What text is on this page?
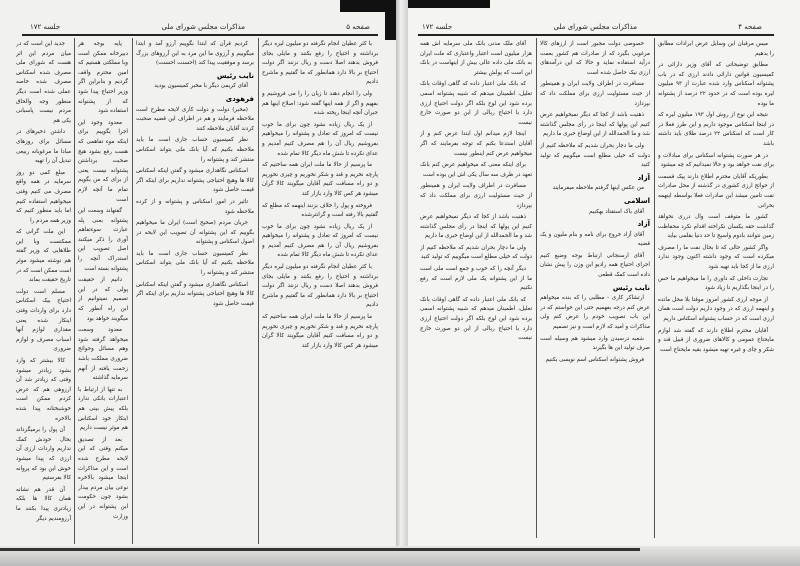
صفحه ۵
مذاکرات مجلس شورای ملی
جلسه ۱۷۲

با کثر عطیان انجام نگرفته دو میلیون لیره دیگر برداشته و احتیاج را رفع بکنند و مایلی بجای فروش بدهند اصلا دست و ریال نزنند اگر دولت احتیاج بر بالا دارد همانطور که ما گفتیم و ماشرح دادیم

ولی را انجام دهند تا زیان را را می فروشیم و بفهیم و اگر از همه اینها گفته شود: اصلاح اینها هم جبران آنچه اینجا ریخته شده

از یک ریال زیاده نشود چون برای ما خوب نیست که امروز که تعادل و پشتوانه را میخواهیم بفروشیم ریال آن را هم مصرف کنیم آمدیم و عدای نکرده تا شش ماه دیگر کالا تمام شده

ما پرسیم از حالا ما ملت ایران همه ساختیم که پارچه نخریم و قند و شکر نخوریم و چیزی نخوریم و دو راه مسافت کنیم آقایان میگویند کالا گران میشود هر کس کالا وارد بازار کند

فروخته و پول را خلاف بزنند اینهمه که مطلع که گفتیم بالا رفته است و گرانترشده

از یک ریال زیاده نشود چون برای ما خوب نیست که امروز که تعادل و پشتوانه را میخواهیم بفروشیم ریال آن را هم مصرف کنیم آمدیم و عدای نکرده تا شش ماه دیگر کالا تمام شده

با کثر عطیان انجام نگرفته دو میلیون لیره دیگر برداشته و احتیاج را رفع بکنند و مایلی بجای فروش بدهند اصلا دست و ریال نزنند اگر دولت احتیاج بر بالا دارد همانطور که ما گفتیم و ماشرح دادیم

ما پرسیم از حالا ما ملت ایران همه ساختیم که پارچه نخریم و قند و شکر نخوریم و چیزی نخوریم و دو راه مسافت کنیم آقایان میگویند کالا گران میشود هر کس کالا وارد بازار کند

کردیم قرآن که ابتدا بگوییم آرزو آمد و ابتدا میگوییم و آرزوی ما این مرد به این آرزوهای بزرگ برسد و موفقیت پیدا کند (احسنت احسنت)

نایب رئیس

آقای کریمی دیگر با مخبر کمیسیون بودید

فرهودی

(مخبر) دولت و دولت کاری لایحه مطرح است ملاحظه فرمایند و هم در اطراف این قضیه صحبت کردند آقایان ملاحظه کنند

نظر کمیسیون حساب جاری است ما باید ملاحظه بکنیم که آیا بانک ملی بتواند اسکناس منتشر کند و پشتوانه را

اسکناس نگاهداری میشود و گفتن اینکه اسکناس کالا ها وهیچ احتیاجی پشتوانه نداریم برای اینکه اگر قیمت حاصل شود

تاثیر در امور اسکناس و پشتوانه و از کرده ملاحظه شود

جریان مردم (صحیح است) ایران ما میخواهیم بگوییم که این پشتوانه آن تصویب این لایحه در اصول اسکناس و پشتوانه

نظر کمیسیون حساب جاری است ما باید ملاحظه بکنیم که آیا بانک ملی بتواند اسکناس منتشر کند و پشتوانه را

اسکناس نگاهداری میشود و گفتن اینکه اسکناس کالا ها وهیچ احتیاجی پشتوانه نداریم برای اینکه اگر قیمت حاصل شود

پایه بوجه هر دبیرخانه ممکن است وبا مملکتی هستیم که امین محترم واقف گردیم و بنابراین اگر وزیر احتیاج پیدا شود که از پشتوانه استفاده شود

معدود وجود این اجرا بگوییم برای اینکه موء تفاهمی که هست رفع بشود هیچ صحبت برداشتن پشتوانه نیست یعنی از برای که من بگویم تمام ما آنچه لازم است

گفتهاند وسعت این پشتوانه بعنی پله عبارت سوءتفاهم آوری را ذکر میکنند اصل تصویب این استدراک آنچه را پشتوانه بسته است

دانیم از حقیقت پولی که در این تصمیم نمیتوانیم از این راه آنطور که میگویند خواهد بود

معدود وسعت میخواهد گرفته شود وهم مسائل وحوائج ضروری مملکت باشد زحمت یافته از آنهم سرمایه گذاشته

به تنها از ارتباط با اعتبارات بانکی ندارد بلکه پیش بینی هم ابتکار خود اسکناس هم موثر نیست داریم

بعد از تصدیق میکنم وقتی که این لایحه مطرح شده است و این مذاکرات اینجا میشود بالاخره نوعی بیان مردم بیدار بشود چون حکومت این پشتوانه در این وزارت

جدید این است که در میان مردم این اثر هست که شورای ملی مصرف شده اسکناس مصرف شده خاصه عملی شده است دیگر منظور وجه والحاق مردم نیست پاسبانی یکی هم

داشتن ذخیرهای در مسائل برای روزهای مبادا ما مرغوبانه ربیعی تبدیل آن را تهیه

مبلغ کمی دو روز سرمایه در همه واقع مصرف می کنیم وقتی میخواهیم استفاده کنیم اما باید منظور کنیم که وزیر همه مردم را

این ملت گرانی که ممکنست وبا این طلاهایی که وزیر گفته هم نوشته میشود موثر است ممکن است که در تاریخ حقیقت بماند

مسلم است دولت احتیاج بیک اسکناس دارد برای واردات وقتی اینکار شده یعنی مقداری لوازم آنها اسباب مصرف و لوازم ضروری

کالا بیشتر که وارد بشود زیادتر میشود وقتی که زیادتر شد آن ارزوهی هم که عرض کردم ممکن است خوشبختانه پیدا شده بالاخره

آن پول را برمیگرداند بحال خودش کمک نداریم واردات ارزی آن ارزی که پیدا میشود خوش این بود که پروانه کالا بفرستیم

آن قدر هم نشانه همان کالا ها بلکه زیادتری پیدا بکنند ما آرزومندیم دیگر

صفحه ۴
مذاکرات مجلس شورای ملی
جلسه ۱۷۲

آقای ملک مدنی بانک ملی سرمایه اش همه هزار میلیون است اعتبار واعتباری که ملت ایران به بانک ملی داده عالی بیش از اینهاست در بانک این است که پولش بیشتر

که بانک ملی اعتبار داده که گاهی اوقات بانک تعلیل، اطمینان میدهم که شبیه پشتوانه اسمی برده شود این لوح بلکه اگر دولت احتیاج ارزی دارد با احتیاج ریالی از این دو صورت خارج نیست

اینجا لازم میدانم اول ابتدا عرض کنم و از آقایان استدعا بکنم که توجه بفرمایند که اگر میخواهیم عرض کنم اینطور نیست

برای اینکه معنی که میخواهیم عرض کنم بانک تعهد در ظرف سه سال یکی اش این بوده است

مسافرت در اطراف ولایت ایران و همینطور از حیث مسئولیت ارزی برای مملکت داد که بپردازد

ذهنیت باشد از کجا که دیگر نمیخواهیم عرض کنیم این پولها که اینجا در رأی مجلس گذاشته شد و ما الحمدالله از این اوضاع خبری ما داریم

ولی ما دچار بحران شدیم که ملاحظه کنیم از دولت که خیلی مطلع است میگوییم که تولید کنید

دیگر آنچه را که خوب و جمع است ملی است ما از این پشتوانه یک ملی لازم است که رفع نکنیم

که بانک ملی اعتبار داده که گاهی اوقات بانک تعلیل، اطمینان میدهم که شبیه پشتوانه اسمی برده شود این لوح بلکه اگر دولت احتیاج ارزی دارد با احتیاج ریالی از این دو صورت خارج نیست

خصوصی دولت مجبور است از ارزهای کالا مرغوبی بگیرد که از صادرات هم کشور بعمت درآید استفاده نماید و حالا که این درآمدهای ارزی نیک حاصل شده است

مسافرت در اطراف ولایت ایران و همینطور از حیث مسئولیت ارزی برای مملکت داد که بپردازد

ذهنیت باشد از کجا که دیگر نمیخواهیم عرض کنیم این پولها که اینجا در رأی مجلس گذاشته شد و ما الحمدالله از این اوضاع خبری ما داریم

ولی ما دچار بحران شدیم که ملاحظه کنیم از دولت که خیلی مطلع است میگوییم که تولید کنید

آزاد

من عکس اینها گرفتم ملاحظه میفرمایند

اسلامی

آقای باک استفتاد بهکنیم

آزاد

آقای آزاد خروج برای نامه و بنام ملیون و یک قضیه

آقای ارسنجانی ارتباط بوجه وضیع کنیم اجرای احتیاج همه رادیو این وزن را پیش نشان داده است کمک قطعی

نایب رئیس

ارتشاکر کاری - مطلبی را که بنده میخواهم عرض کنم درجه بفهمیم حتی این خواستم که در این باب تصویب خودم را عرض کنم ولی مذاکرات و امید که لازم است و نیز تصمیم

شعبه درسیدن وارد میشود هم وسیله است صرف تولید این ها بگیرند

فروش پشتوانه اسکناس اسم نویسی بکنیم

میس مرقبان این وسایل عرض ایرادات مطابق را بدهیم

مطابق توضیحاتی که آقای وزیر دارائی در کمیسیون قوانین دارائی دادند ارزی که در باب پشتوانه اسکناس وارد شده عبارت از ۹۳ میلیون لیره بوده است که در حدود ۲۲ درصد از پشتوانه ما بوده

نتیجه این نوع از روش اول ۱۹۳ میلیون لیره که در اینجا اسکناس موجود داریم و این طرز فعلا در کار است که اسکناس ۲۲ درصد طلای باید داشته باشد

در هر صورت پشتوانه اسکناس برای مبادلات و برای نفت خواهد بود و حالا نمیدانیم که چه میشود

بطوریکه آقایان محترم اطلاع دارند پیک قسمت از حوائج ارزی کشوری در گذشته از محل صادرات نفت تامین میشد این صادرات فعلا بواسطه اینهمه بحرانی

کشور ما متوقف است وال درری نخواهد گذاشت حقه یکسان نکراخته اقدام نکرد محفاظت زمین نتوانند بادوم واسیج تا حد دنیا بقلمی بیاید

واگر کشور حالی که تا بحال نفت ما را مصرف میکرده است که وجود داشته اکنون وجود ندارد ارزی ما از کجا باید تهیه شود

تجارت داخلی که داوری را ما میخواهیم ما حس را در اینجا بگذاریم تا زیاد شود

از موجه ارزی کشور امروز موقتا بلا محل مانده و اینهمه ارزی که در وجود داریم دولت است همان ارزی است که در حساب پشتوانه اسکناس داریم

آقایان محترم اطلاع دارند که گفته شد لوازم مایحتاج عمومی و کالاهای ضروری از قبیل قند و شکر و چای و غیره تهیه میشود بقیه مایحتاج است
